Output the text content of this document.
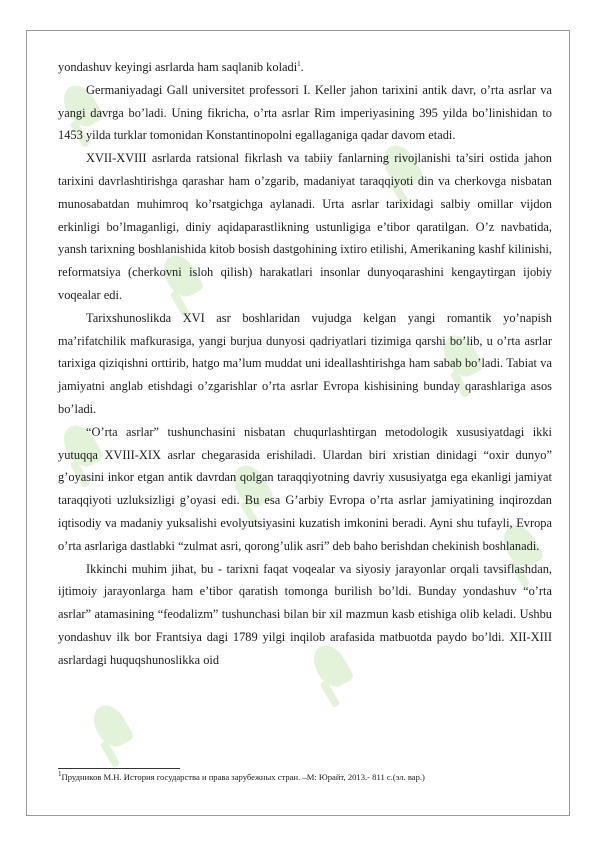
yondashuv keyingi asrlarda ham saqlanib koladi$^1$.

Germaniyadagi Gall universitet professori I. Keller jahon tarixini antik davr, o’rta asrlar va yangi davrga bo’ladi. Uning fikricha, o’rta asrlar Rim imperiyasining 395 yilda bo’linishidan to 1453 yilda turklar tomonidan Konstantinopolni egallaganiga qadar davom etadi.

XVII-XVIII asrlarda ratsional fikrlash va tabiiy fanlarning rivojlanishi ta’siri ostida jahon tarixini davrlashtirishga qarashar ham o’zgarib, madaniyat taraqqiyoti din va cherkovga nisbatan munosabatdan muhimroq ko’rsatgichga aylanadi. Urta asrlar tarixidagi salbiy omillar vijdon erkinligi bo’lmaganligi, diniy aqidaparastlikning ustunligiga e’tibor qaratilgan. O’z navbatida, yansh tarixning boshlanishida kitob bosish dastgohining ixtiro etilishi, Amerikaning kashf kilinishi, reformatsiya (cherkovni isloh qilish) harakatlari insonlar dunyoqarashini kengaytirgan ijobiy voqealar edi.

Tarixshunoslikda XVI asr boshlaridan vujudga kelgan yangi romantik yo’napish ma’rifatchilik mafkurasiga, yangi burjua dunyosi qadriyatlari tizimiga qarshi bo’lib, u o’rta asrlar tarixiga qiziqishni orttirib, hatgo ma’lum muddat uni ideallashtirishga ham sabab bo’ladi. Tabiat va jamiyatni anglab etishdagi o’zgarishlar o’rta asrlar Evropa kishisining bunday qarashlariga asos bo’ladi.

“O’rta asrlar” tushunchasini nisbatan chuqurlashtirgan metodologik xususiyatdagi ikki yutuqqa XVIII-XIX asrlar chegarasida erishiladi. Ulardan biri xristian dinidagi “oxir dunyo” g’oyasini inkor etgan antik davrdan qolgan taraqqiyotning davriy xususiyatga ega ekanligi jamiyat taraqqiyoti uzluksizligi g’oyasi edi. Bu esa G’arbiy Evropa o’rta asrlar jamiyatining inqirozdan iqtisodiy va madaniy yuksalishi evolyutsiyasini kuzatish imkonini beradi. Ayni shu tufayli, Evropa o’rta asrlariga dastlabki “zulmat asri, qorong’ulik asri” deb baho berishdan chekinish boshlanadi.

Ikkinchi muhim jihat, bu - tarixni faqat voqealar va siyosiy jarayonlar orqali tavsiflashdan, ijtimoiy jarayonlarga ham e’tibor qaratish tomonga burilish bo’ldi. Bunday yondashuv “o’rta asrlar” atamasining “feodalizm” tushunchasi bilan bir xil mazmun kasb etishiga olib keladi. Ushbu yondashuv ilk bor Frantsiya dagi 1789 yilgi inqilob arafasida matbuotda paydo bo’ldi. XII-XIII asrlardagi huquqshunoslikka oid

$^1$Прудников М.Н. История государства и права зарубежных стран. –М: Юрайт, 2013.- 811 с.(эл. вар.)
